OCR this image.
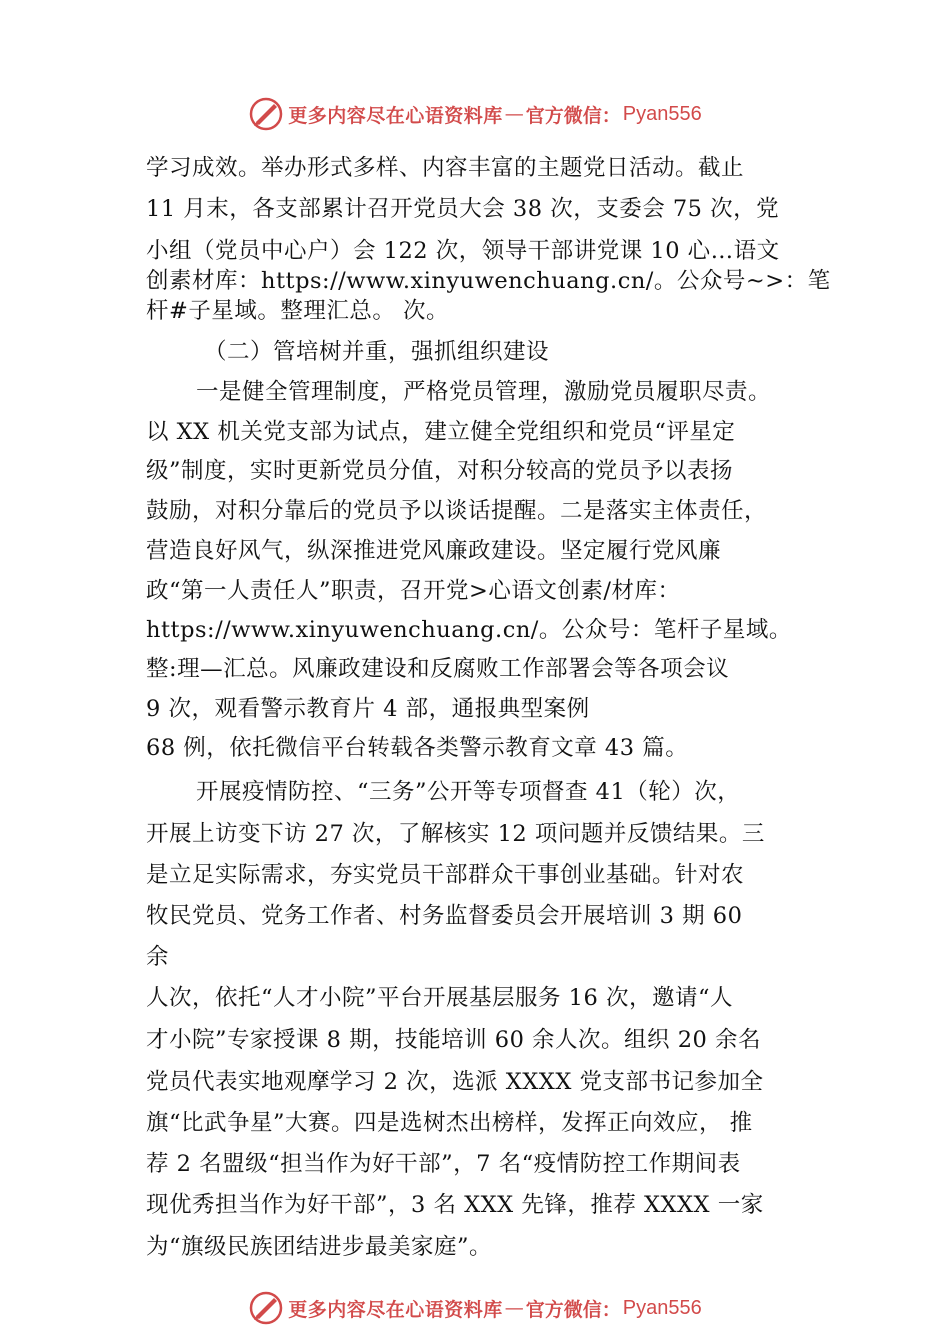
更多内容尽在心语资料库 — 官方微信： Pyan556
学习成效。举办形式多样、内容丰富的主题党日活动。截止
11 月末，各支部累计召开党员大会 38 次，支委会 75 次，党
小组（党员中心户）会 122 次，领导干部讲党课 10 心…语文
创素材库：https://www.xinyuwenchuang.cn/。公众号~>：笔
杆#子星域。整理汇总。 次。
（二）管培树并重，强抓组织建设
一是健全管理制度，严格党员管理，激励党员履职尽责。
以 XX 机关党支部为试点，建立健全党组织和党员“评星定
级”制度，实时更新党员分值，对积分较高的党员予以表扬
鼓励，对积分靠后的党员予以谈话提醒。二是落实主体责任，
营造良好风气，纵深推进党风廉政建设。坚定履行党风廉
政“第一人责任人”职责，召开党>心语文创素/材库：
https://www.xinyuwenchuang.cn/。公众号：笔杆子星域。
整:理—汇总。风廉政建设和反腐败工作部署会等各项会议
9 次，观看警示教育片 4 部，通报典型案例
68 例，依托微信平台转载各类警示教育文章 43 篇。
开展疫情防控、“三务”公开等专项督查 41（轮）次，
开展上访变下访 27 次，了解核实 12 项问题并反馈结果。三
是立足实际需求，夯实党员干部群众干事创业基础。针对农
牧民党员、党务工作者、村务监督委员会开展培训 3 期 60
余
人次，依托“人才小院”平台开展基层服务 16 次，邀请“人
才小院”专家授课 8 期，技能培训 60 余人次。组织 20 余名
党员代表实地观摩学习 2 次，选派 XXXX 党支部书记参加全
旗“比武争星”大赛。四是选树杰出榜样，发挥正向效应， 推
荐 2 名盟级“担当作为好干部”，7 名“疫情防控工作期间表
现优秀担当作为好干部”，3 名 XXX 先锋，推荐 XXXX 一家
为“旗级民族团结进步最美家庭”。
更多内容尽在心语资料库 — 官方微信： Pyan556
